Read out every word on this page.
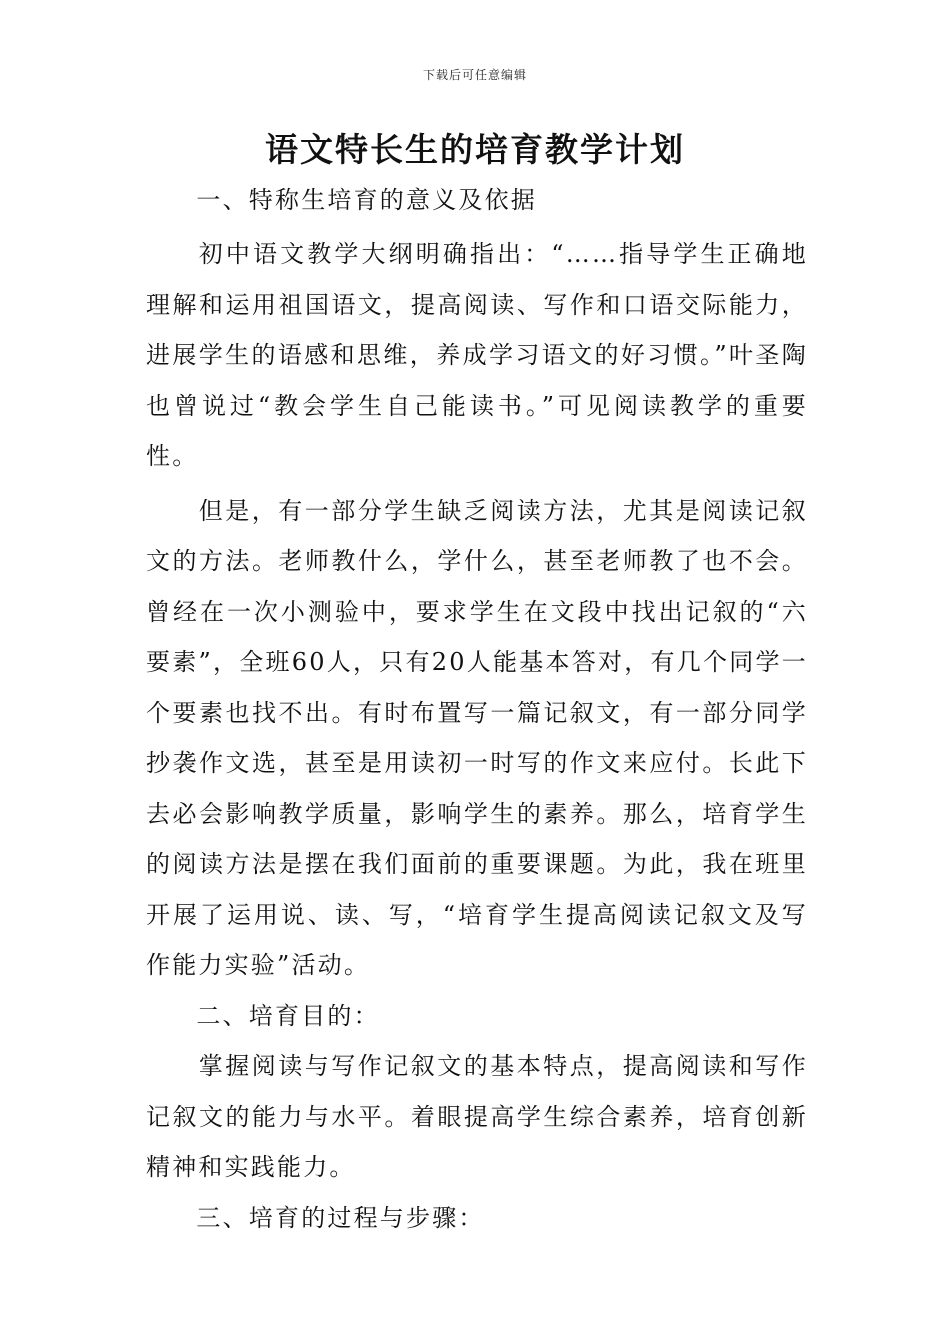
下载后可任意编辑
语文特长生的培育教学计划

一、特称生培育的意义及依据

初中语文教学大纲明确指出：“……指导学生正确地理解和运用祖国语文，提高阅读、写作和口语交际能力，进展学生的语感和思维，养成学习语文的好习惯。”叶圣陶也曾说过“教会学生自己能读书。”可见阅读教学的重要性。

但是，有一部分学生缺乏阅读方法，尤其是阅读记叙文的方法。老师教什么，学什么，甚至老师教了也不会。曾经在一次小测验中，要求学生在文段中找出记叙的“六要素”，全班60人，只有20人能基本答对，有几个同学一个要素也找不出。有时布置写一篇记叙文，有一部分同学抄袭作文选，甚至是用读初一时写的作文来应付。长此下去必会影响教学质量，影响学生的素养。那么，培育学生的阅读方法是摆在我们面前的重要课题。为此，我在班里开展了运用说、读、写，“培育学生提高阅读记叙文及写作能力实验”活动。

二、培育目的：

掌握阅读与写作记叙文的基本特点，提高阅读和写作记叙文的能力与水平。着眼提高学生综合素养，培育创新精神和实践能力。

三、培育的过程与步骤：
